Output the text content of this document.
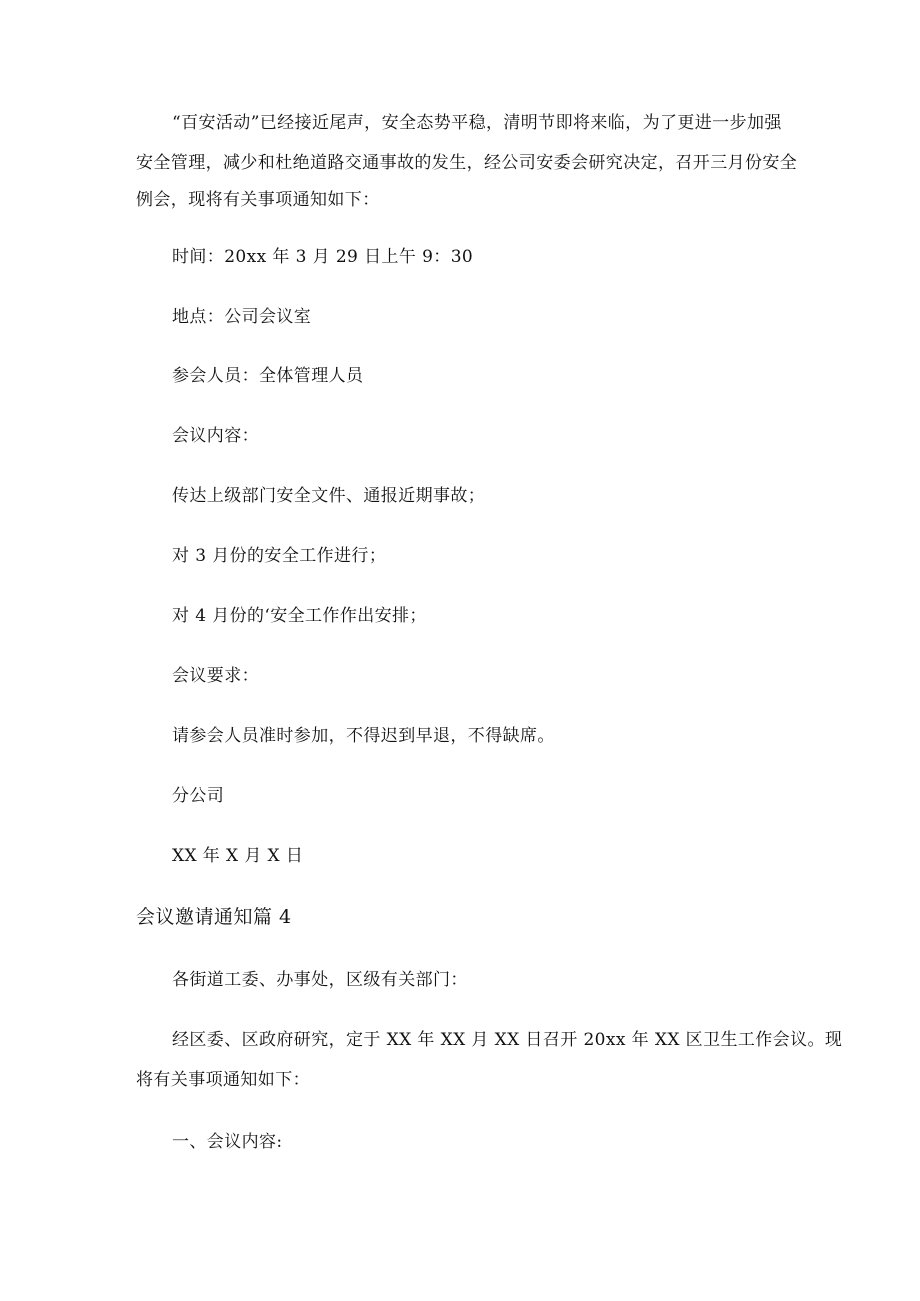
“百安活动”已经接近尾声，安全态势平稳，清明节即将来临，为了更进一步加强
安全管理，减少和杜绝道路交通事故的发生，经公司安委会研究决定，召开三月份安全
例会，现将有关事项通知如下：
时间：20xx 年 3 月 29 日上午 9：30
地点：公司会议室
参会人员：全体管理人员
会议内容：
传达上级部门安全文件、通报近期事故；
对 3 月份的安全工作进行；
对 4 月份的‘安全工作作出安排；
会议要求：
请参会人员准时参加，不得迟到早退，不得缺席。
分公司
XX 年 X 月 X 日
会议邀请通知篇 4
各街道工委、办事处，区级有关部门：
经区委、区政府研究，定于 XX 年 XX 月 XX 日召开 20xx 年 XX 区卫生工作会议。现
将有关事项通知如下：
一、会议内容:
